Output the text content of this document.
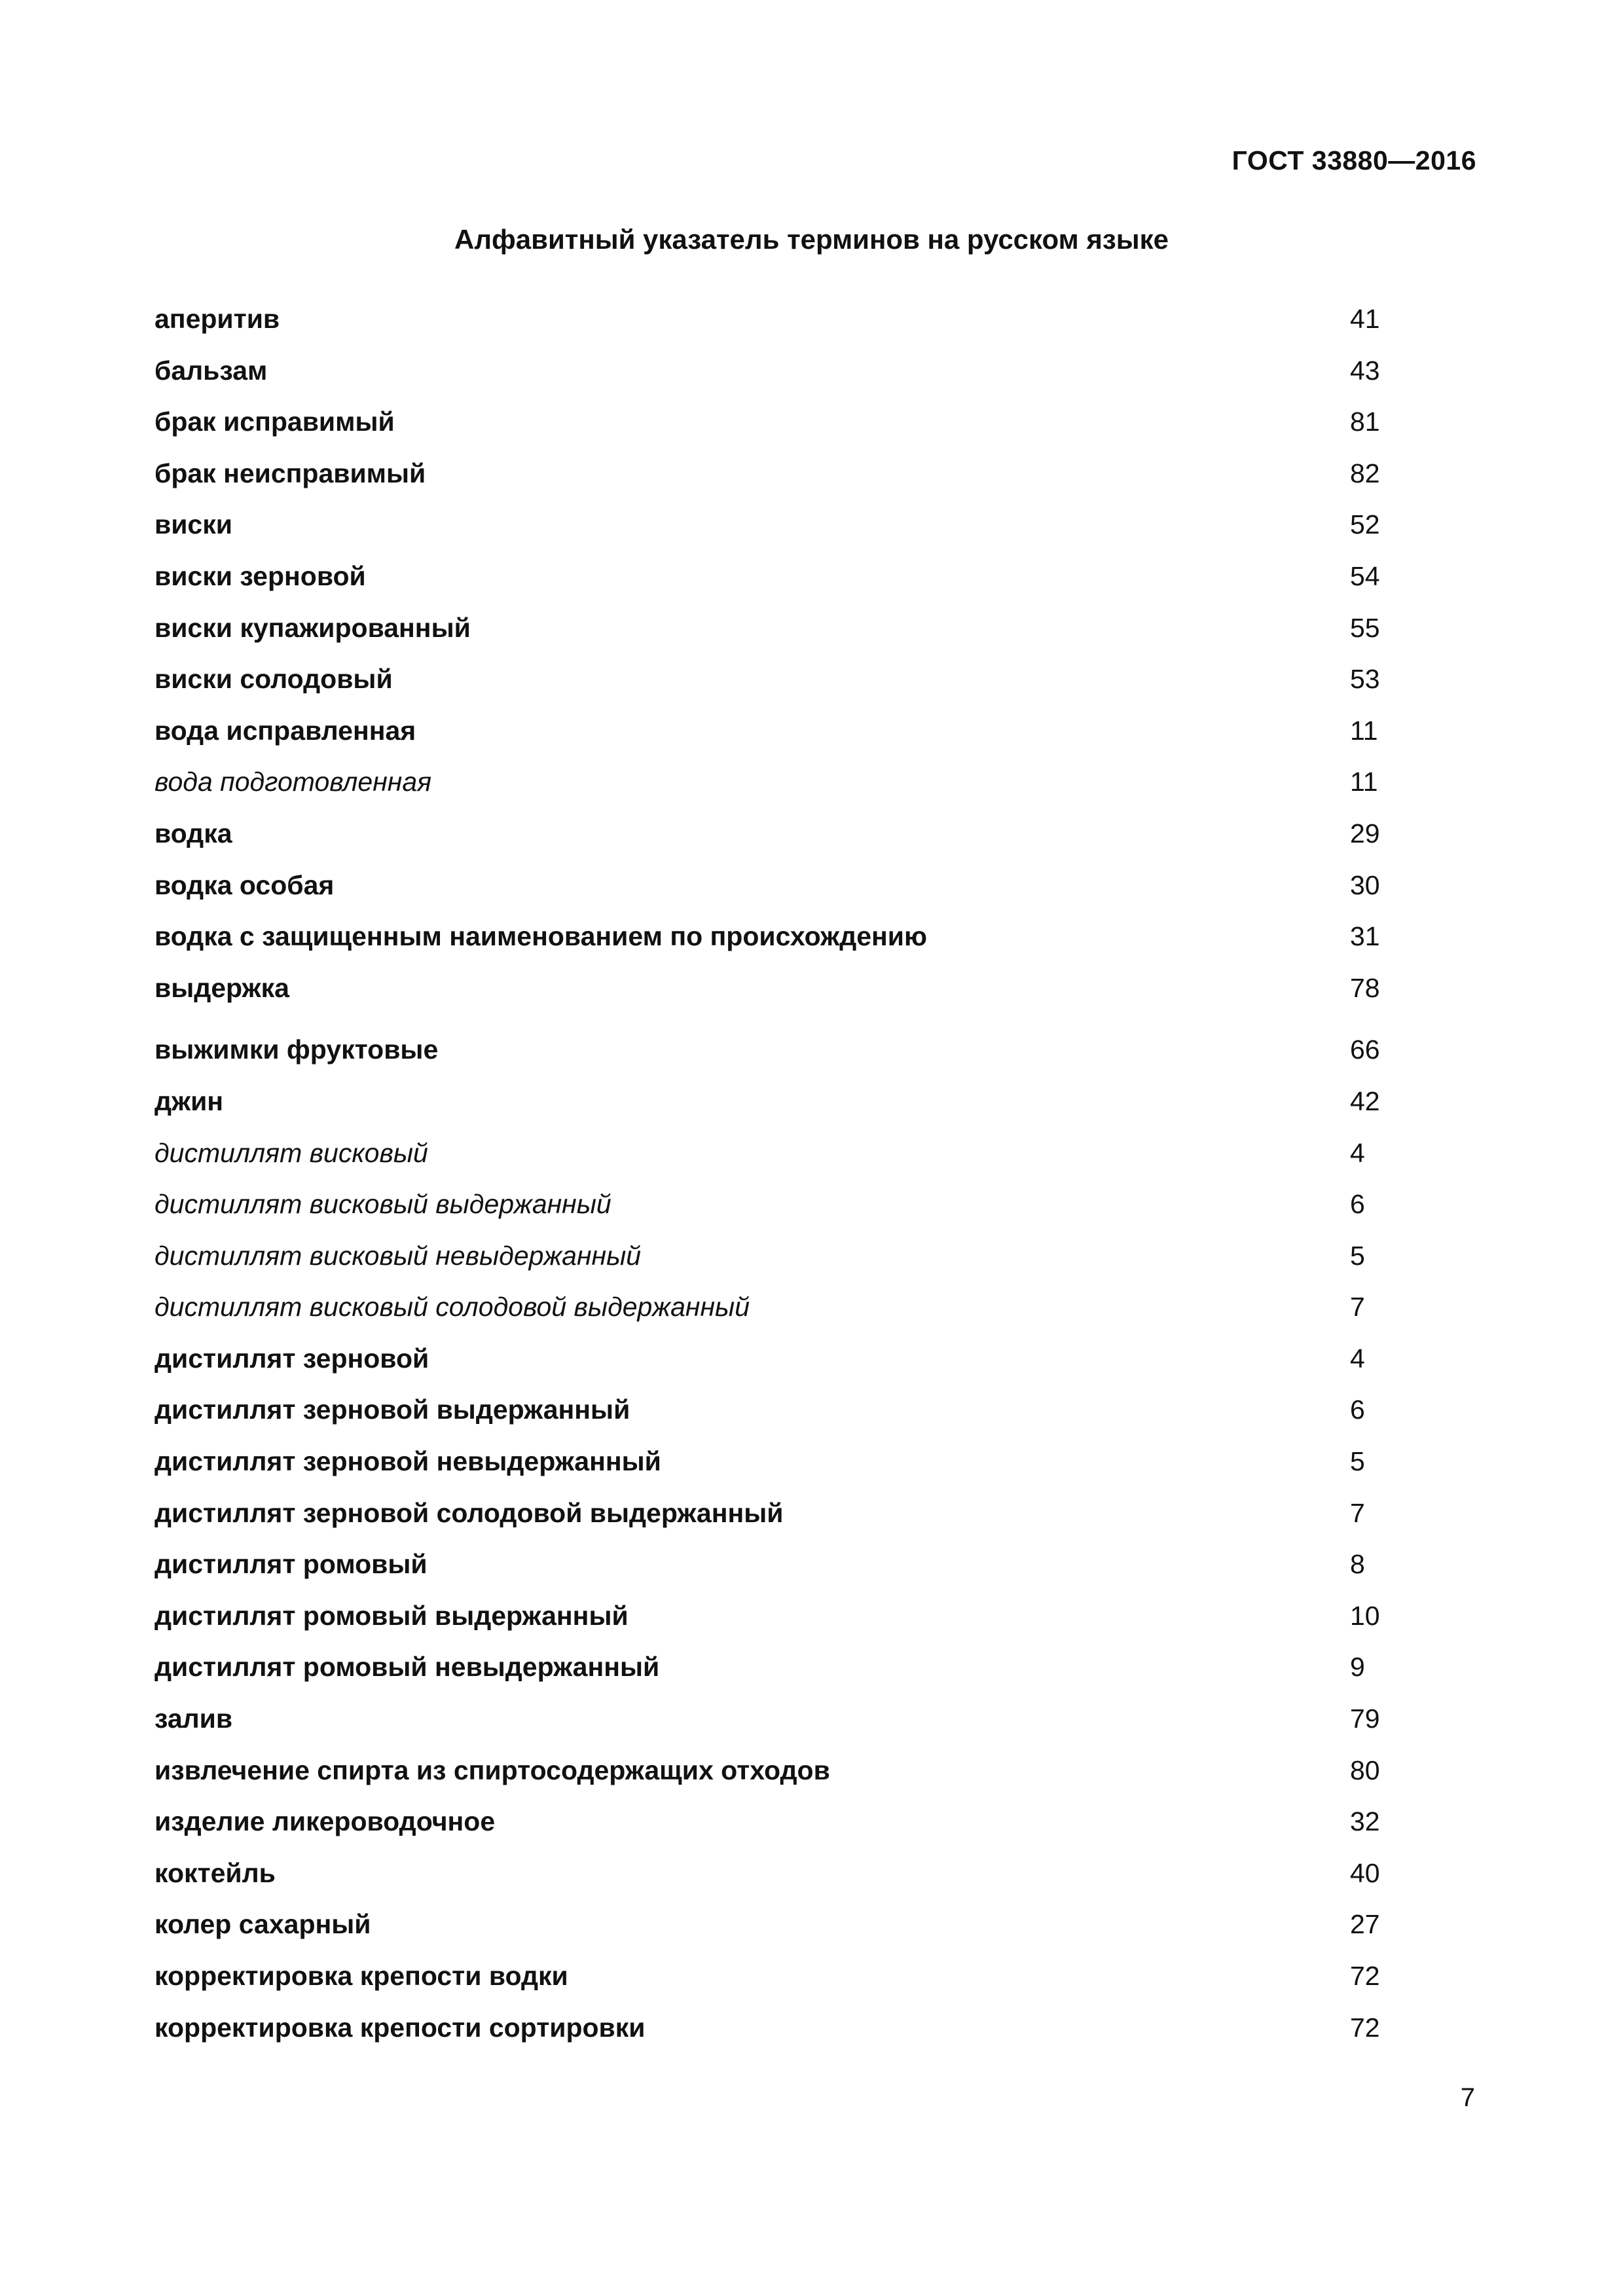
ГОСТ 33880—2016
Алфавитный указатель терминов на русском языке
аперитив	41
бальзам	43
брак исправимый	81
брак неисправимый	82
виски	52
виски зерновой	54
виски купажированный	55
виски солодовый	53
вода исправленная	11
вода подготовленная	11
водка	29
водка особая	30
водка с защищенным наименованием по происхождению	31
выдержка	78
выжимки фруктовые	66
джин	42
дистиллят висковый	4
дистиллят висковый выдержанный	6
дистиллят висковый невыдержанный	5
дистиллят висковый солодовой выдержанный	7
дистиллят зерновой	4
дистиллят зерновой выдержанный	6
дистиллят зерновой невыдержанный	5
дистиллят зерновой солодовой выдержанный	7
дистиллят ромовый	8
дистиллят ромовый выдержанный	10
дистиллят ромовый невыдержанный	9
залив	79
извлечение спирта из спиртосодержащих отходов	80
изделие ликероводочное	32
коктейль	40
колер сахарный	27
корректировка крепости водки	72
корректировка крепости сортировки	72
7
